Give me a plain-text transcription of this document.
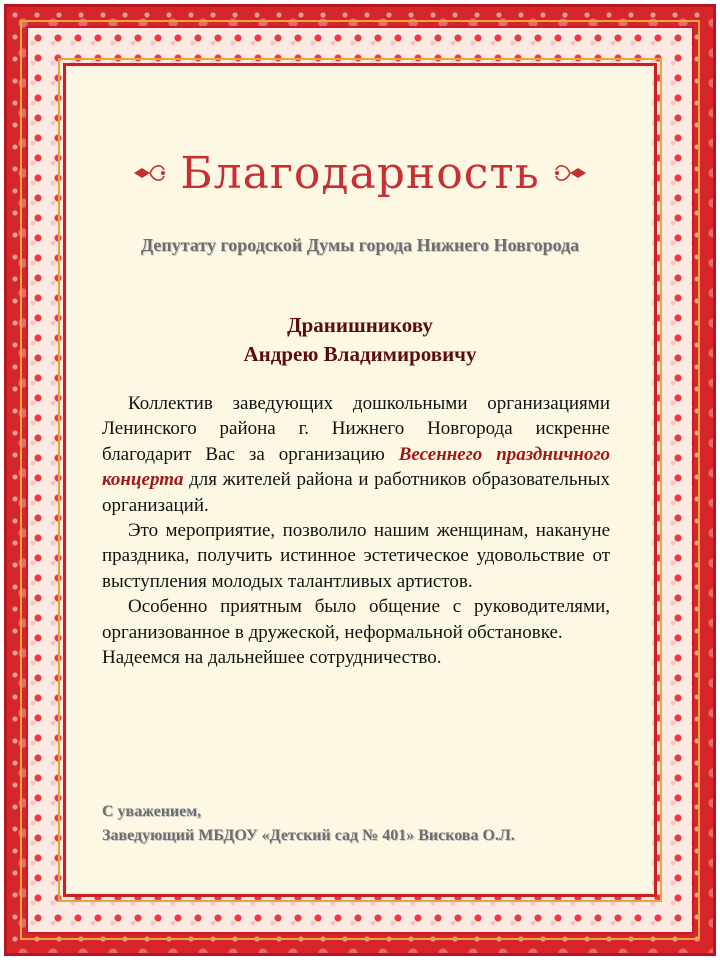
Благодарность
Депутату городской Думы города Нижнего Новгорода
Дранишникову
Андрею Владимировичу

Коллектив заведующих дошкольными организациями Ленинского района г. Нижнего Новгорода искренне благодарит Вас за организацию Весеннего праздничного концерта для жителей района и работников образовательных организаций.

Это мероприятие, позволило нашим женщинам, накануне праздника, получить истинное эстетическое удовольствие от выступления молодых талантливых артистов.

Особенно приятным было общение с руководителями, организованное в дружеской, неформальной обстановке.

Надеемся на дальнейшее сотрудничество.

С уважением,
Заведующий МБДОУ «Детский сад № 401» Вискова О.Л.
